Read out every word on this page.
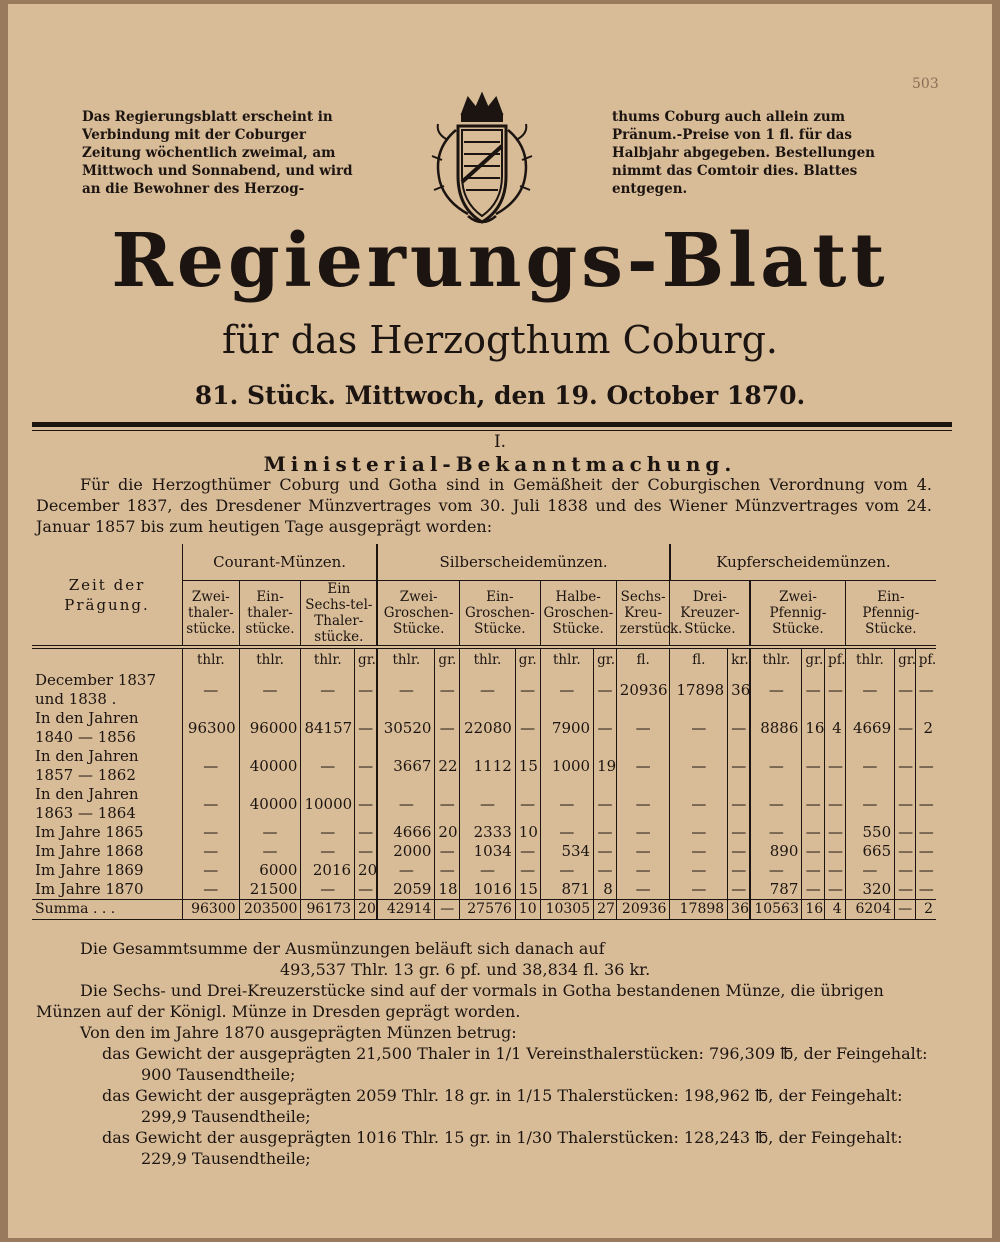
503
Das Regierungsblatt erscheint in Verbindung mit der Coburger Zeitung wöchentlich zweimal, am Mittwoch und Sonnabend, und wird an die Bewohner des Herzog-
thums Coburg auch allein zum Pränum.-Preise von 1 fl. für das Halbjahr abgegeben. Bestellungen nimmt das Comtoir dies. Blattes entgegen.
Regierungs-Blatt
für das Herzogthum Coburg.
81. Stück. Mittwoch, den 19. October 1870.
I.
Ministerial-Bekanntmachung.
Für die Herzogthümer Coburg und Gotha sind in Gemäßheit der Coburgischen Verordnung vom 4. December 1837, des Dresdener Münzvertrages vom 30. Juli 1838 und des Wiener Münzvertrages vom 24. Januar 1857 bis zum heutigen Tage ausgeprägt worden:
Zeit der Prägung.	Courant-Münzen.				Silberscheidemünzen.							Kupferscheidemünzen.							
	Zwei-thaler-stücke.	Ein-thaler-stücke.	Ein Sechs-tel-Thaler-stücke.		Zwei-Groschen-Stücke.		Ein-Groschen-Stücke.		Halbe-Groschen-Stücke.		Sechs-Kreu-zerstück.	Drei-Kreuzer-Stücke.		Zwei-Pfennig-Stücke.			Ein-Pfennig-Stücke.		
	thlr.	thlr.	thlr.	gr.	thlr.	gr.	thlr.	gr.	thlr.	gr.	fl.	fl.	kr.	thlr.	gr.	pf.	thlr.	gr.	pf.
December 1837 und 1838 .	—	—	—	—	—	—	—	—	—	—	20936	17898	36	—	—	—	—	—	—
In den Jahren 1840 — 1856	96300	96000	84157	—	30520	—	22080	—	7900	—	—	—	—	8886	16	4	4669	—	2
In den Jahren 1857 — 1862	—	40000	—	—	3667	22	1112	15	1000	19	—	—	—	—	—	—	—	—	—
In den Jahren 1863 — 1864	—	40000	10000	—	—	—	—	—	—	—	—	—	—	—	—	—	—	—	—
Im Jahre 1865	—	—	—	—	4666	20	2333	10	—	—	—	—	—	—	—	—	550	—	—
Im Jahre 1868	—	—	—	—	2000	—	1034	—	534	—	—	—	—	890	—	—	665	—	—
Im Jahre 1869	—	6000	2016	20	—	—	—	—	—	—	—	—	—	—	—	—	—	—	—
Im Jahre 1870	—	21500	—	—	2059	18	1016	15	871	8	—	—	—	787	—	—	320	—	—
Summa . . .	96300	203500	96173	20	42914	—	27576	10	10305	27	20936	17898	36	10563	16	4	6204	—	2
Die Gesammtsumme der Ausmünzungen beläuft sich danach auf
493,537 Thlr. 13 gr. 6 pf. und 38,834 fl. 36 kr.
Die Sechs- und Drei-Kreuzerstücke sind auf der vormals in Gotha bestandenen Münze, die übrigen
Münzen auf der Königl. Münze in Dresden geprägt worden.
Von den im Jahre 1870 ausgeprägten Münzen betrug:
das Gewicht der ausgeprägten 21,500 Thaler in 1/1 Vereinsthalerstücken: 796,309 ℔, der Feingehalt:
900 Tausendtheile;
das Gewicht der ausgeprägten 2059 Thlr. 18 gr. in 1/15 Thalerstücken: 198,962 ℔, der Feingehalt:
299,9 Tausendtheile;
das Gewicht der ausgeprägten 1016 Thlr. 15 gr. in 1/30 Thalerstücken: 128,243 ℔, der Feingehalt:
229,9 Tausendtheile;
